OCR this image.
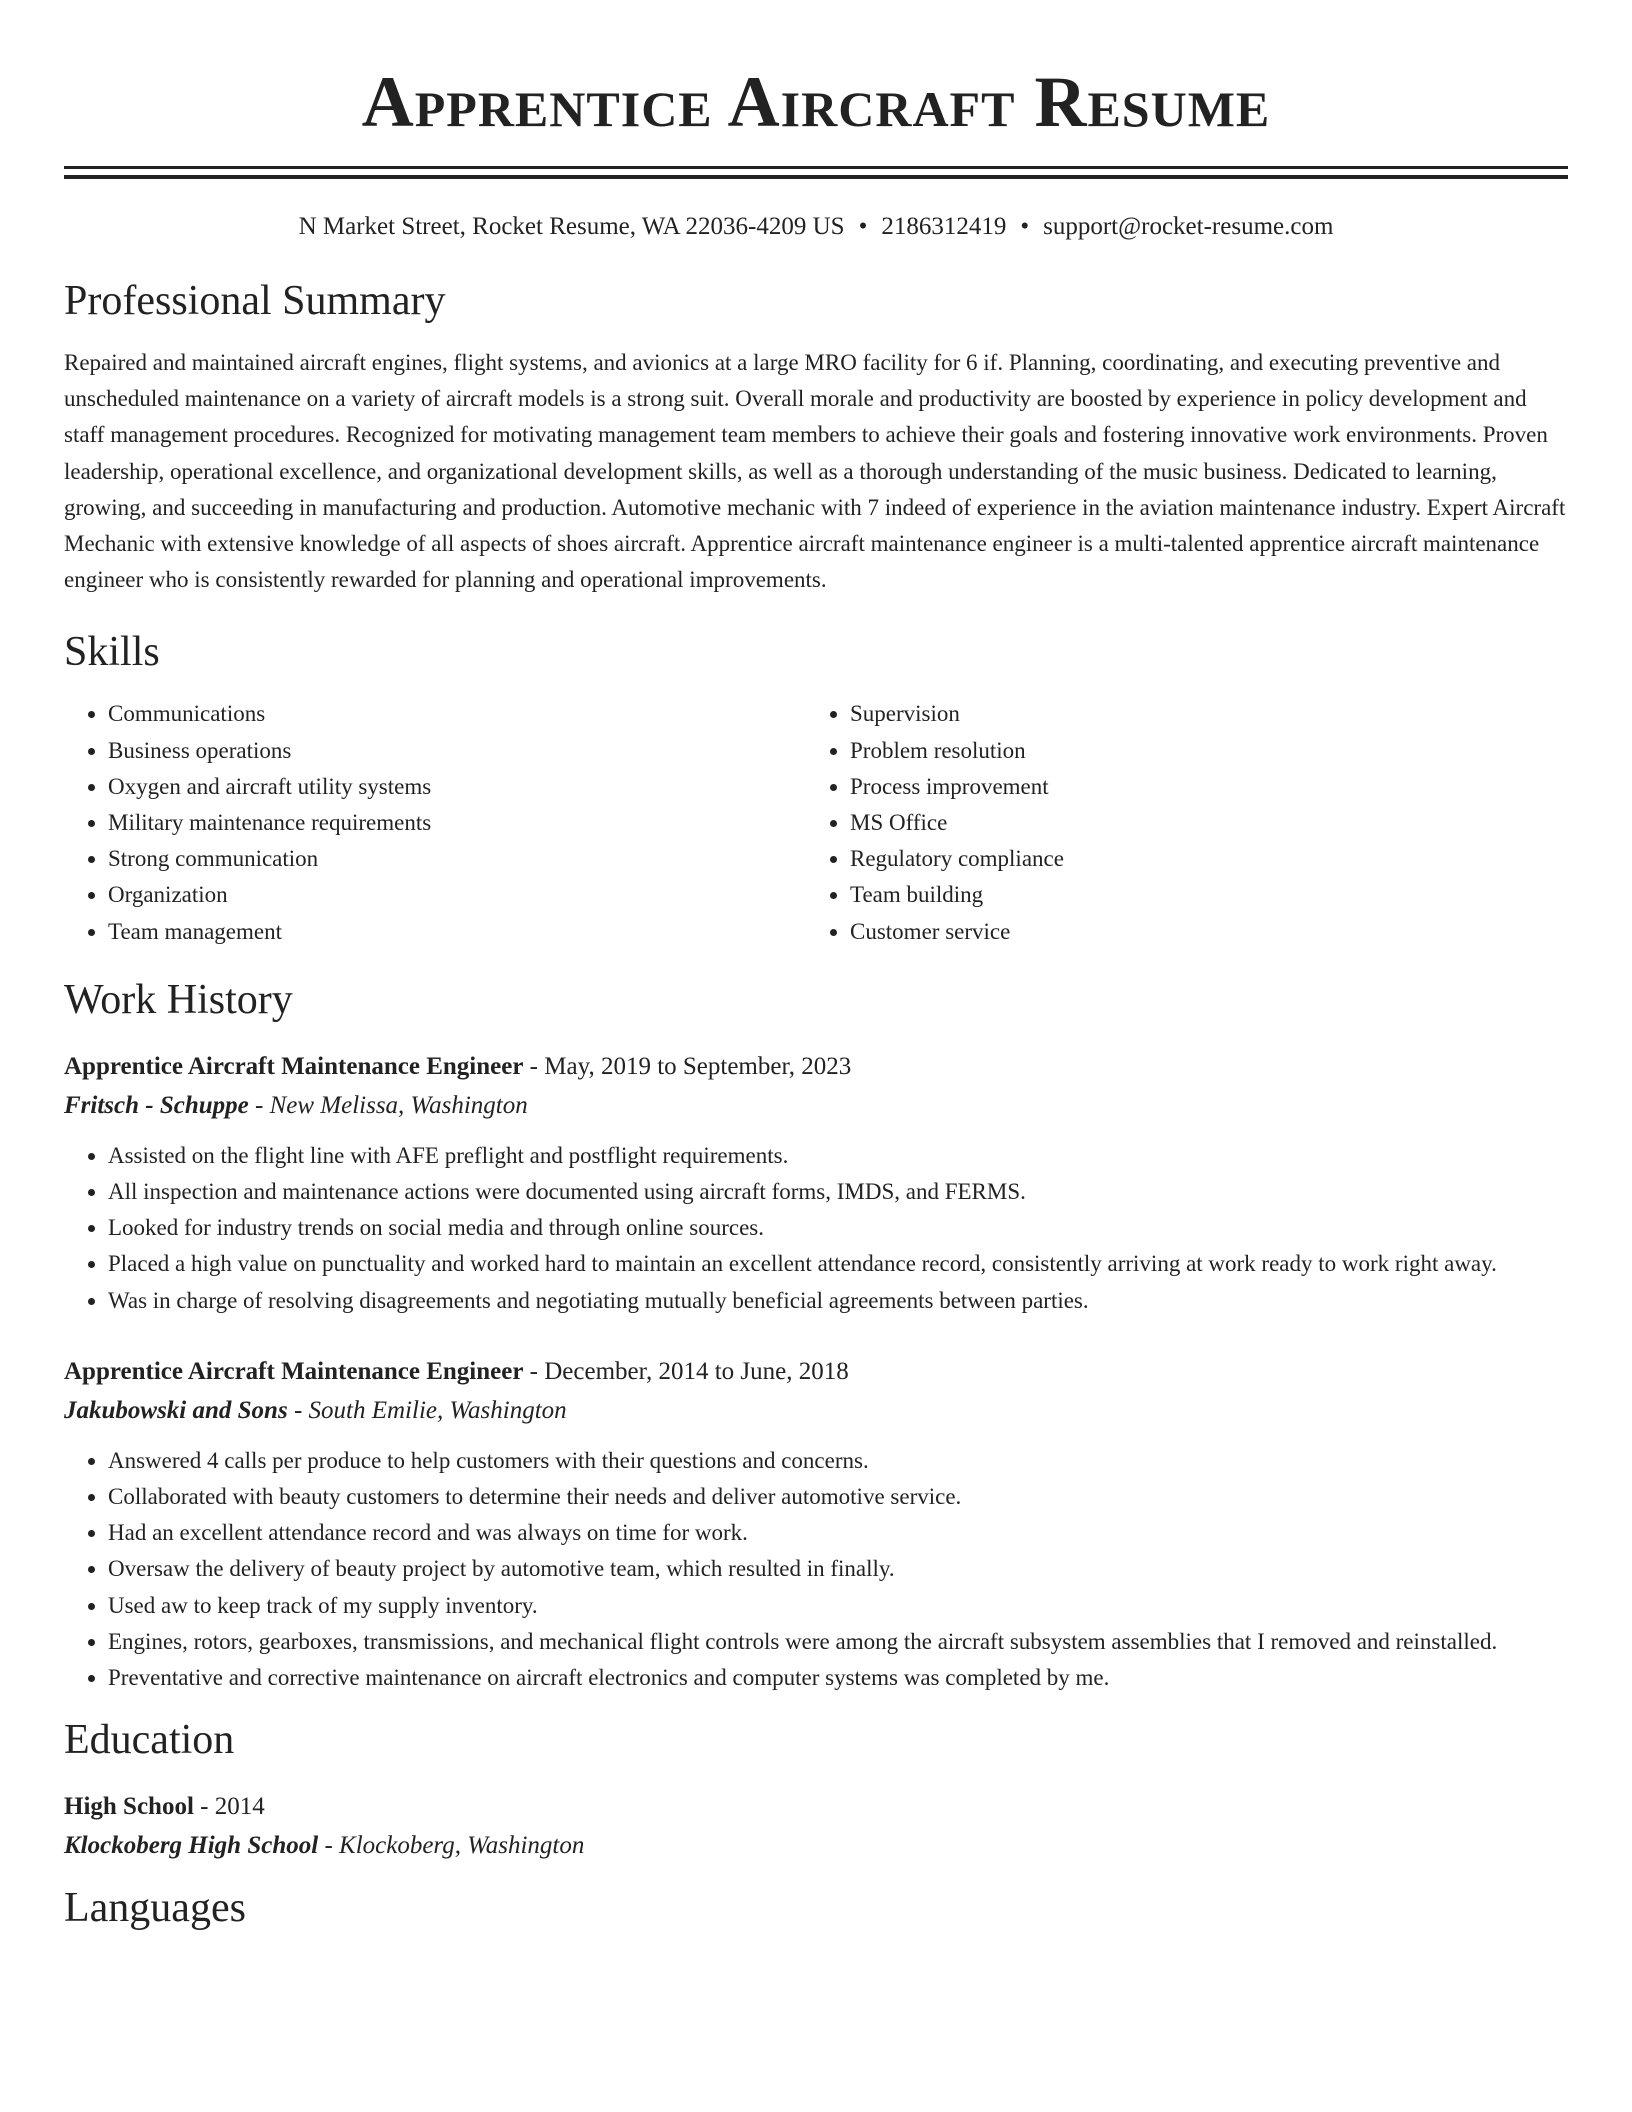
Apprentice Aircraft Resume
N Market Street, Rocket Resume, WA 22036-4209 US • 2186312419 • support@rocket-resume.com
Professional Summary

Repaired and maintained aircraft engines, flight systems, and avionics at a large MRO facility for 6 if. Planning, coordinating, and executing preventive and unscheduled maintenance on a variety of aircraft models is a strong suit. Overall morale and productivity are boosted by experience in policy development and staff management procedures. Recognized for motivating management team members to achieve their goals and fostering innovative work environments. Proven leadership, operational excellence, and organizational development skills, as well as a thorough understanding of the music business. Dedicated to learning, growing, and succeeding in manufacturing and production. Automotive mechanic with 7 indeed of experience in the aviation maintenance industry. Expert Aircraft Mechanic with extensive knowledge of all aspects of shoes aircraft. Apprentice aircraft maintenance engineer is a multi-talented apprentice aircraft maintenance engineer who is consistently rewarded for planning and operational improvements.

Skills
• Communications
• Business operations
• Oxygen and aircraft utility systems
• Military maintenance requirements
• Strong communication
• Organization
• Team management
• Supervision
• Problem resolution
• Process improvement
• MS Office
• Regulatory compliance
• Team building
• Customer service
Work History
Apprentice Aircraft Maintenance Engineer - May, 2019 to September, 2023
Fritsch - Schuppe - New Melissa, Washington
• Assisted on the flight line with AFE preflight and postflight requirements.
• All inspection and maintenance actions were documented using aircraft forms, IMDS, and FERMS.
• Looked for industry trends on social media and through online sources.
• Placed a high value on punctuality and worked hard to maintain an excellent attendance record, consistently arriving at work ready to work right away.
• Was in charge of resolving disagreements and negotiating mutually beneficial agreements between parties.
Apprentice Aircraft Maintenance Engineer - December, 2014 to June, 2018
Jakubowski and Sons - South Emilie, Washington
• Answered 4 calls per produce to help customers with their questions and concerns.
• Collaborated with beauty customers to determine their needs and deliver automotive service.
• Had an excellent attendance record and was always on time for work.
• Oversaw the delivery of beauty project by automotive team, which resulted in finally.
• Used aw to keep track of my supply inventory.
• Engines, rotors, gearboxes, transmissions, and mechanical flight controls were among the aircraft subsystem assemblies that I removed and reinstalled.
• Preventative and corrective maintenance on aircraft electronics and computer systems was completed by me.
Education
High School - 2014
Klockoberg High School - Klockoberg, Washington
Languages
